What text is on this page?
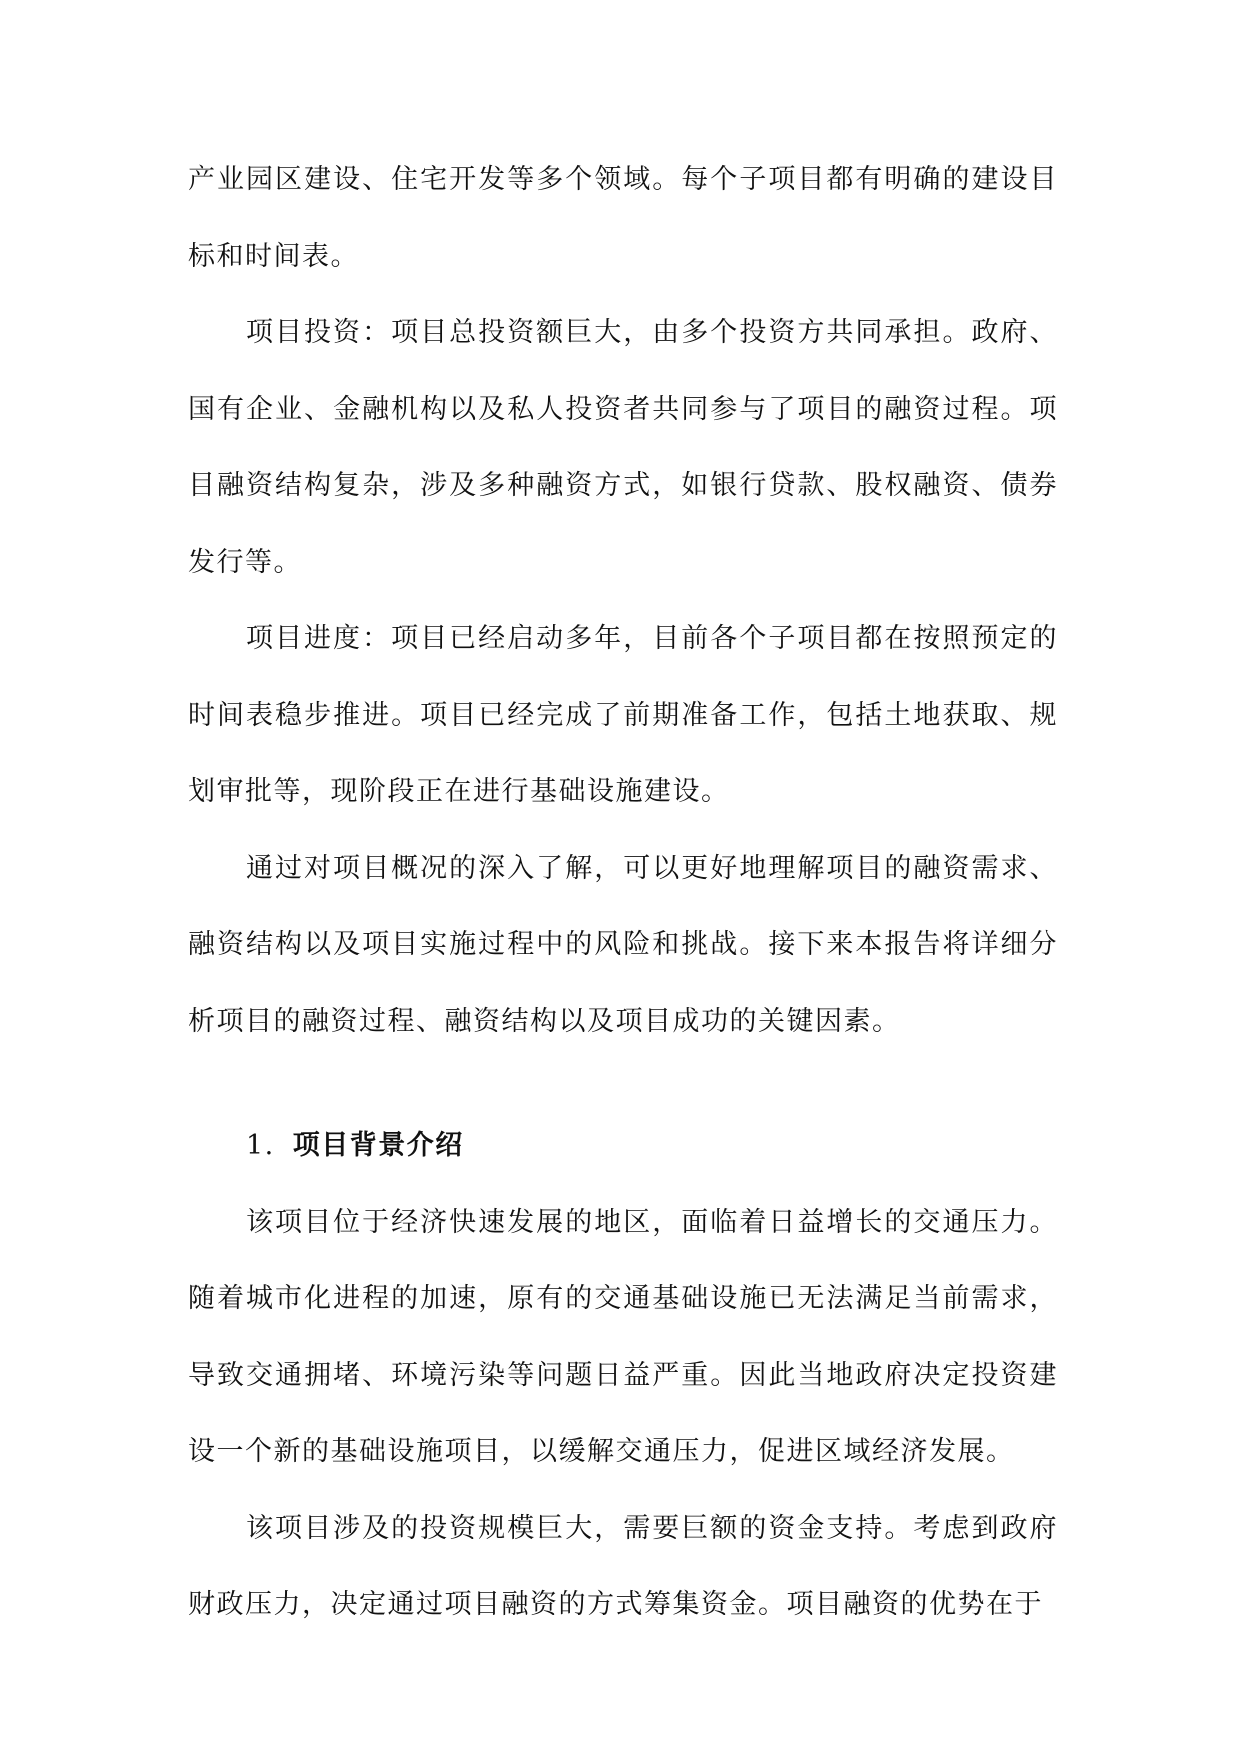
产业园区建设、住宅开发等多个领域。每个子项目都有明确的建设目标和时间表。

项目投资：项目总投资额巨大，由多个投资方共同承担。政府、国有企业、金融机构以及私人投资者共同参与了项目的融资过程。项目融资结构复杂，涉及多种融资方式，如银行贷款、股权融资、债券发行等。

项目进度：项目已经启动多年，目前各个子项目都在按照预定的时间表稳步推进。项目已经完成了前期准备工作，包括土地获取、规划审批等，现阶段正在进行基础设施建设。

通过对项目概况的深入了解，可以更好地理解项目的融资需求、融资结构以及项目实施过程中的风险和挑战。接下来本报告将详细分析项目的融资过程、融资结构以及项目成功的关键因素。

1. 项目背景介绍

该项目位于经济快速发展的地区，面临着日益增长的交通压力。随着城市化进程的加速，原有的交通基础设施已无法满足当前需求，导致交通拥堵、环境污染等问题日益严重。因此当地政府决定投资建设一个新的基础设施项目，以缓解交通压力，促进区域经济发展。

该项目涉及的投资规模巨大，需要巨额的资金支持。考虑到政府财政压力，决定通过项目融资的方式筹集资金。项目融资的优势在于
